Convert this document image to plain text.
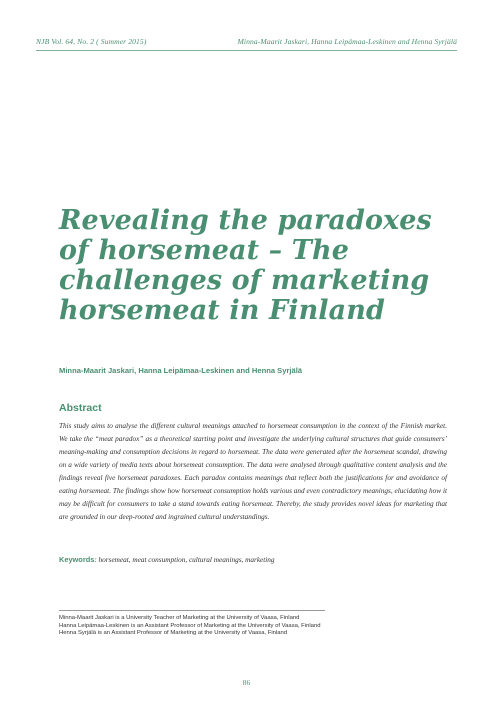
NJB Vol. 64, No. 2 ( Summer 2015)	Minna-Maarit Jaskari, Hanna Leipämaa-Leskinen and Henna Syrjälä
Revealing the paradoxes
of horsemeat – The
challenges of marketing
horsemeat in Finland
Minna-Maarit Jaskari, Hanna Leipämaa-Leskinen and Henna Syrjälä
Abstract

This study aims to analyse the different cultural meanings attached to horsemeat consumption in the context of the Finnish market. We take the “meat paradox” as a theoretical starting point and investigate the underlying cultural structures that guide consumers’ meaning-making and consumption decisions in regard to horsemeat. The data were generated after the horsemeat scandal, drawing on a wide variety of media texts about horsemeat consumption. The data were analysed through qualitative content analysis and the findings reveal five horsemeat paradoxes. Each paradox contains meanings that reflect both the justifications for and avoidance of eating horsemeat. The findings show how horsemeat consumption holds various and even contradictory meanings, elucidating how it may be difficult for consumers to take a stand towards eating horsemeat. Thereby, the study provides novel ideas for marketing that are grounded in our deep-rooted and ingrained cultural understandings.

Keywords: horsemeat, meat consumption, cultural meanings, marketing
Minna-Maarit Jaskari is a University Teacher of Marketing at the University of Vaasa, Finland
Hanna Leipämaa-Leskinen is an Assistant Professor of Marketing at the University of Vaasa, Finland
Henna Syrjälä is an Assistant Professor of Marketing at the University of Vaasa, Finland
86
